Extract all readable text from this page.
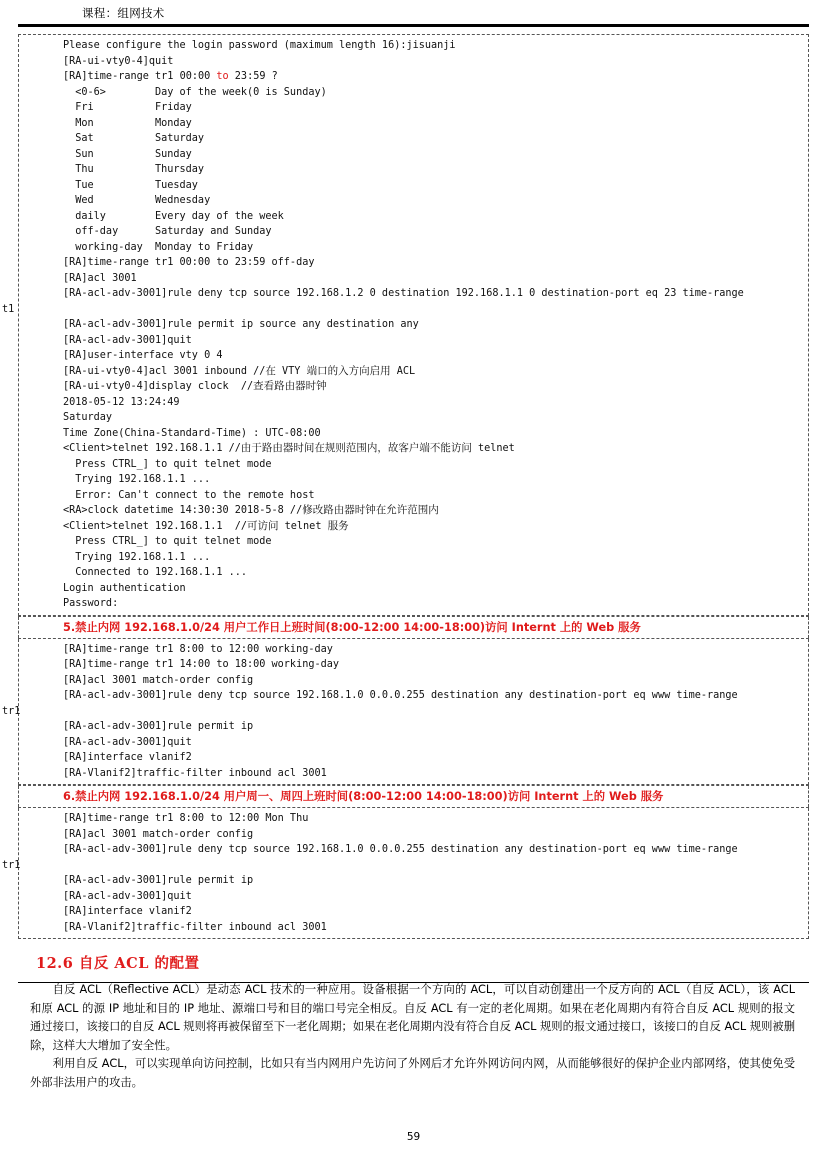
课程：组网技术
Please configure the login password (maximum length 16):jisuanji
[RA-ui-vty0-4]quit
[RA]time-range tr1 00:00 to 23:59 ?
<0-6>        Day of the week(0 is Sunday)
Fri          Friday
Mon          Monday
Sat          Saturday
Sun          Sunday
Thu          Thursday
Tue          Tuesday
Wed          Wednesday
daily        Every day of the week
off-day      Saturday and Sunday
working-day  Monday to Friday
[RA]time-range tr1 00:00 to 23:59 off-day
[RA]acl 3001
[RA-acl-adv-3001]rule deny tcp source 192.168.1.2 0 destination 192.168.1.1 0 destination-port eq 23 time-range
t1
[RA-acl-adv-3001]rule permit ip source any destination any
[RA-acl-adv-3001]quit
[RA]user-interface vty 0 4
[RA-ui-vty0-4]acl 3001 inbound //在 VTY 端口的入方向启用 ACL
[RA-ui-vty0-4]display clock  //查看路由器时钟
2018-05-12 13:24:49
Saturday
Time Zone(China-Standard-Time) : UTC-08:00
<Client>telnet 192.168.1.1 //由于路由器时间在规则范围内，故客户端不能访问 telnet
Press CTRL_] to quit telnet mode
Trying 192.168.1.1 ...
Error: Can't connect to the remote host
<RA>clock datetime 14:30:30 2018-5-8 //修改路由器时钟在允许范围内
<Client>telnet 192.168.1.1  //可访问 telnet 服务
Press CTRL_] to quit telnet mode
Trying 192.168.1.1 ...
Connected to 192.168.1.1 ...
Login authentication
Password:
5.禁止内网 192.168.1.0/24 用户工作日上班时间(8:00-12:00 14:00-18:00)访问 Internt 上的 Web 服务
[RA]time-range tr1 8:00 to 12:00 working-day
[RA]time-range tr1 14:00 to 18:00 working-day
[RA]acl 3001 match-order config
[RA-acl-adv-3001]rule deny tcp source 192.168.1.0 0.0.0.255 destination any destination-port eq www time-range
tr1
[RA-acl-adv-3001]rule permit ip
[RA-acl-adv-3001]quit
[RA]interface vlanif2
[RA-Vlanif2]traffic-filter inbound acl 3001
6.禁止内网 192.168.1.0/24 用户周一、周四上班时间(8:00-12:00 14:00-18:00)访问 Internt 上的 Web 服务
[RA]time-range tr1 8:00 to 12:00 Mon Thu
[RA]acl 3001 match-order config
[RA-acl-adv-3001]rule deny tcp source 192.168.1.0 0.0.0.255 destination any destination-port eq www time-range
tr1
[RA-acl-adv-3001]rule permit ip
[RA-acl-adv-3001]quit
[RA]interface vlanif2
[RA-Vlanif2]traffic-filter inbound acl 3001
12.6 自反 ACL 的配置

自反 ACL（Reflective ACL）是动态 ACL 技术的一种应用。设备根据一个方向的 ACL，可以自动创建出一个反方向的 ACL（自反 ACL），该 ACL 和原 ACL 的源 IP 地址和目的 IP 地址、源端口号和目的端口号完全相反。自反 ACL 有一定的老化周期。如果在老化周期内有符合自反 ACL 规则的报文通过接口，该接口的自反 ACL 规则将再被保留至下一老化周期；如果在老化周期内没有符合自反 ACL 规则的报文通过接口，该接口的自反 ACL 规则被删除，这样大大增加了安全性。

利用自反 ACL，可以实现单向访问控制，比如只有当内网用户先访问了外网后才允许外网访问内网，从而能够很好的保护企业内部网络，使其使免受外部非法用户的攻击。

59
